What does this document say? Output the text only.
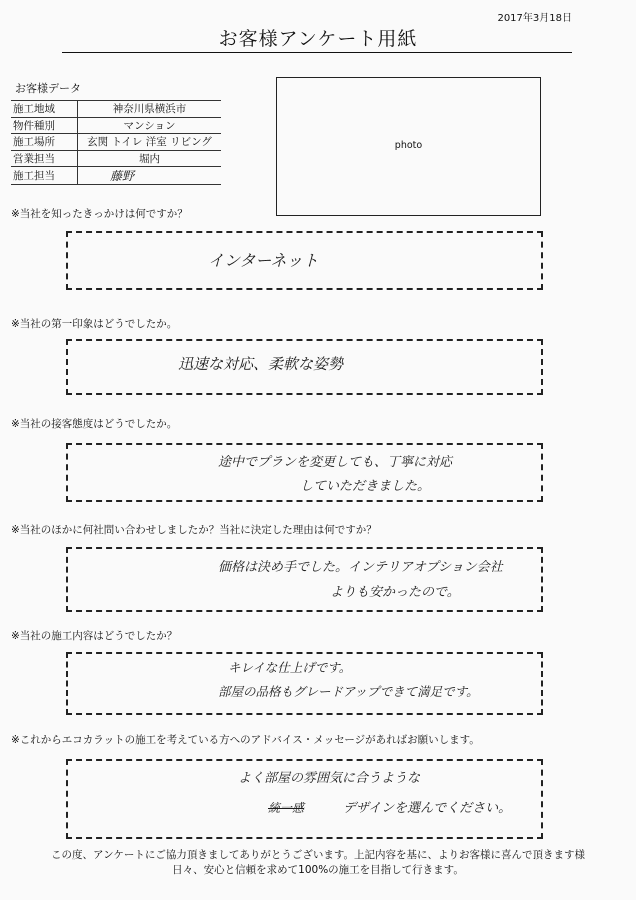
2017年3月18日
お客様アンケート用紙
お客様データ
施工地域	神奈川県横浜市
物件種別	マンション
施工場所	玄関 トイレ 洋室 リビング
営業担当	堀内
施工担当	藤野
photo
※当社を知ったきっかけは何ですか？
インターネット
※当社の第一印象はどうでしたか。
迅速な対応、柔軟な姿勢
※当社の接客態度はどうでしたか。
途中でプランを変更しても、丁寧に対応
していただきました。
※当社のほかに何社問い合わせしましたか？当社に決定した理由は何ですか？
価格は決め手でした。インテリアオプション会社
よりも安かったので。
※当社の施工内容はどうでしたか？
キレイな仕上げです。
部屋の品格もグレードアップできて満足です。
※これからエコカラットの施工を考えている方へのアドバイス・メッセージがあればお願いします。
よく部屋の雰囲気に合うような
統一感	デザインを選んでください。
この度、アンケートにご協力頂きましてありがとうございます。上記内容を基に、よりお客様に喜んで頂きます様
日々、安心と信頼を求めて100%の施工を目指して行きます。
